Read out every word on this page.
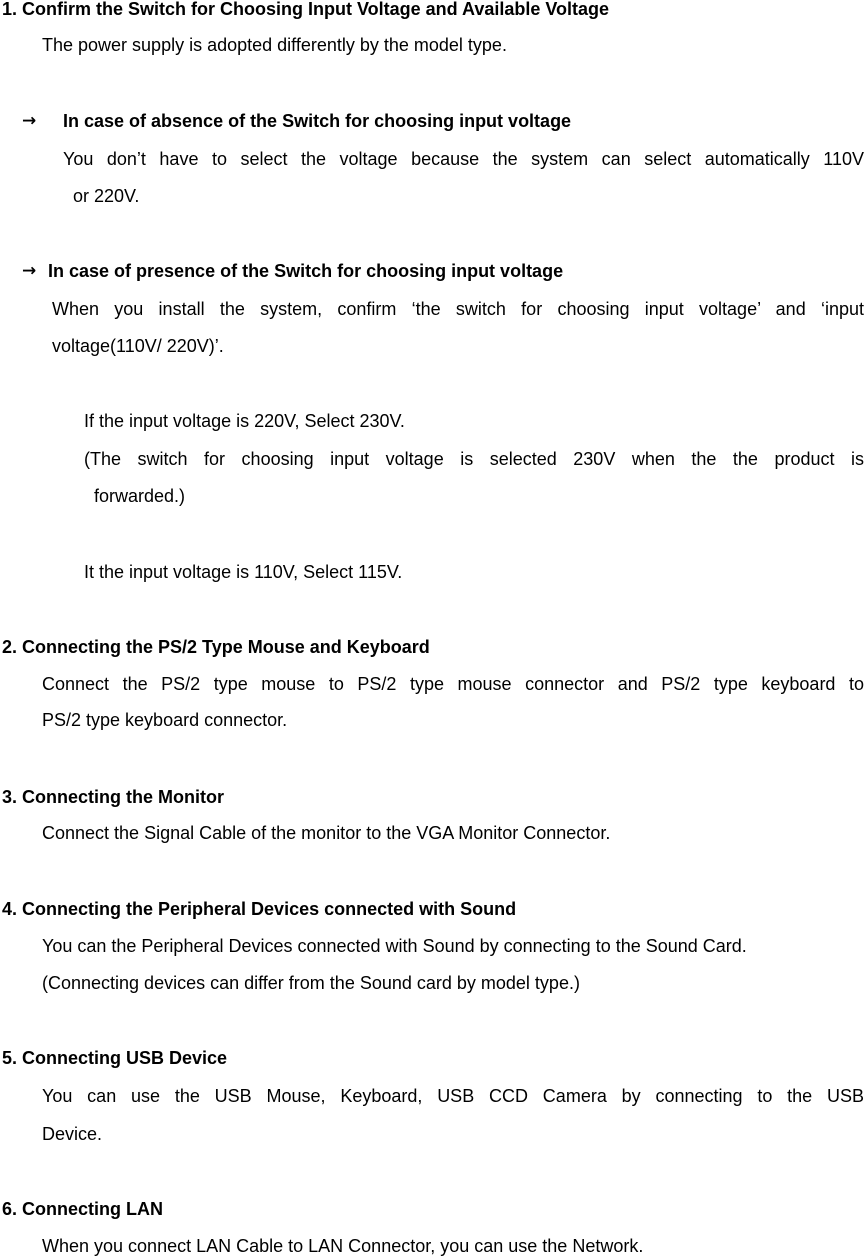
1. Confirm the Switch for Choosing Input Voltage and Available Voltage
The power supply is adopted differently by the model type.
→ In case of absence of the Switch for choosing input voltage
You don’t have to select the voltage because the system can select automatically 110V
or 220V.
→ In case of presence of the Switch for choosing input voltage
When you install the system, confirm ‘the switch for choosing input voltage’ and ‘input
voltage(110V/ 220V)’.
If the input voltage is 220V, Select 230V.
(The switch for choosing input voltage is selected 230V when the the product is
forwarded.)
It the input voltage is 110V, Select 115V.
2. Connecting the PS/2 Type Mouse and Keyboard
Connect the PS/2 type mouse to PS/2 type mouse connector and PS/2 type keyboard to
PS/2 type keyboard connector.
3. Connecting the Monitor
Connect the Signal Cable of the monitor to the VGA Monitor Connector.
4. Connecting the Peripheral Devices connected with Sound
You can the Peripheral Devices connected with Sound by connecting to the Sound Card.
(Connecting devices can differ from the Sound card by model type.)
5. Connecting USB Device
You can use the USB Mouse, Keyboard, USB CCD Camera by connecting to the USB
Device.
6. Connecting LAN
When you connect LAN Cable to LAN Connector, you can use the Network.
